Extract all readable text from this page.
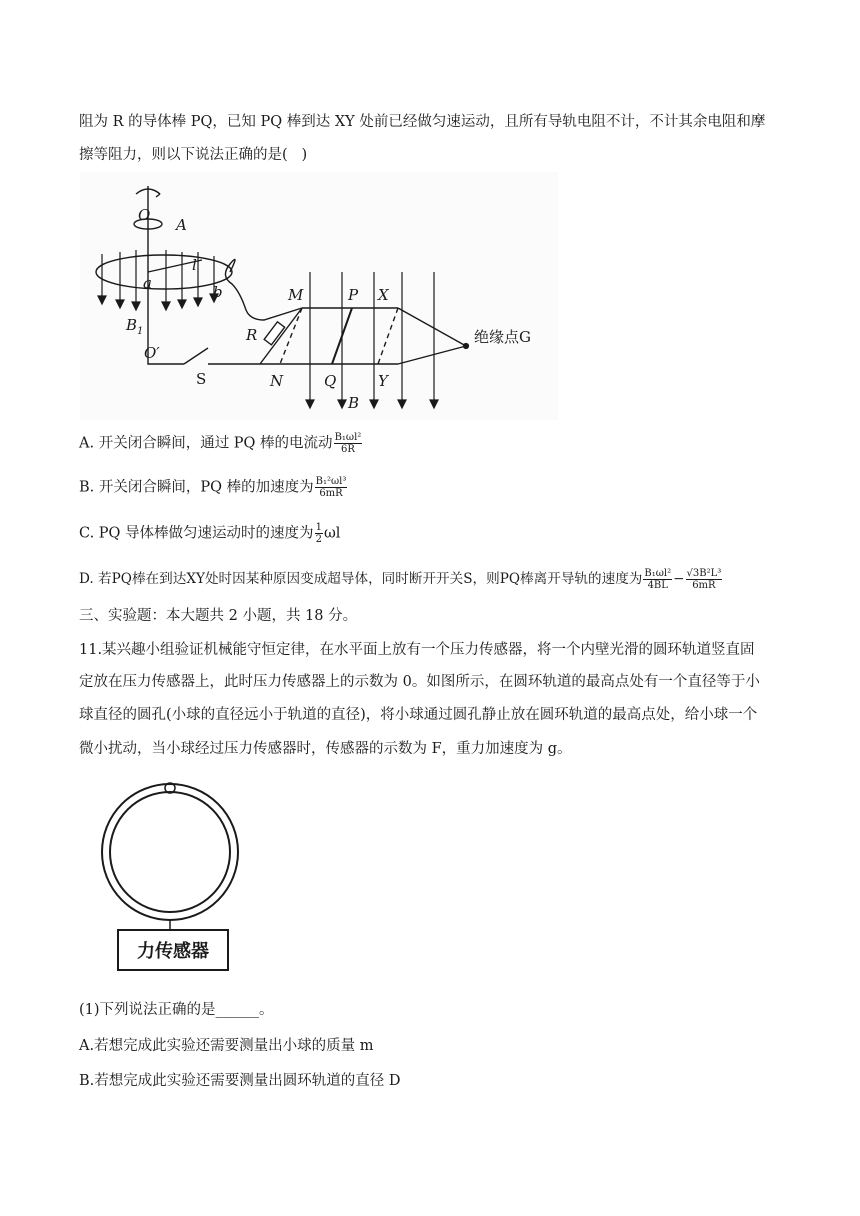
阻为 R 的导体棒 PQ，已知 PQ 棒到达 XY 处前已经做匀速运动，且所有导轨电阻不计，不计其余电阻和摩
擦等阻力，则以下说法正确的是(   )
O
A
l
a	b
$B_1$
O′
R
M	P X
N	Q	Y
B
S
绝缘点G
A. 开关闭合瞬间，通过 PQ 棒的电流动 $\frac{\text{B₁ωl²}}{6R}$
B. 开关闭合瞬间，PQ 棒的加速度为 $\frac{\text{B₁²ωl³}}{6mR}$
C. PQ 导体棒做匀速运动时的速度为 $\frac{1}{2}$ ωl
D. 若PQ棒在到达XY处时因某种原因变成超导体，同时断开开关S，则PQ棒离开导轨的速度为 $\frac{\text{B₁ωl²}}{4BL} - \frac{\text{√3B²L³}}{6mR}$
三、实验题：本大题共 2 小题，共 18 分。
11.某兴趣小组验证机械能守恒定律，在水平面上放有一个压力传感器，将一个内壁光滑的圆环轨道竖直固
定放在压力传感器上，此时压力传感器上的示数为 0。如图所示，在圆环轨道的最高点处有一个直径等于小
球直径的圆孔(小球的直径远小于轨道的直径)，将小球通过圆孔静止放在圆环轨道的最高点处，给小球一个
微小扰动，当小球经过压力传感器时，传感器的示数为 F，重力加速度为 g。
力传感器
(1)下列说法正确的是______。
A.若想完成此实验还需要测量出小球的质量 m
B.若想完成此实验还需要测量出圆环轨道的直径 D
